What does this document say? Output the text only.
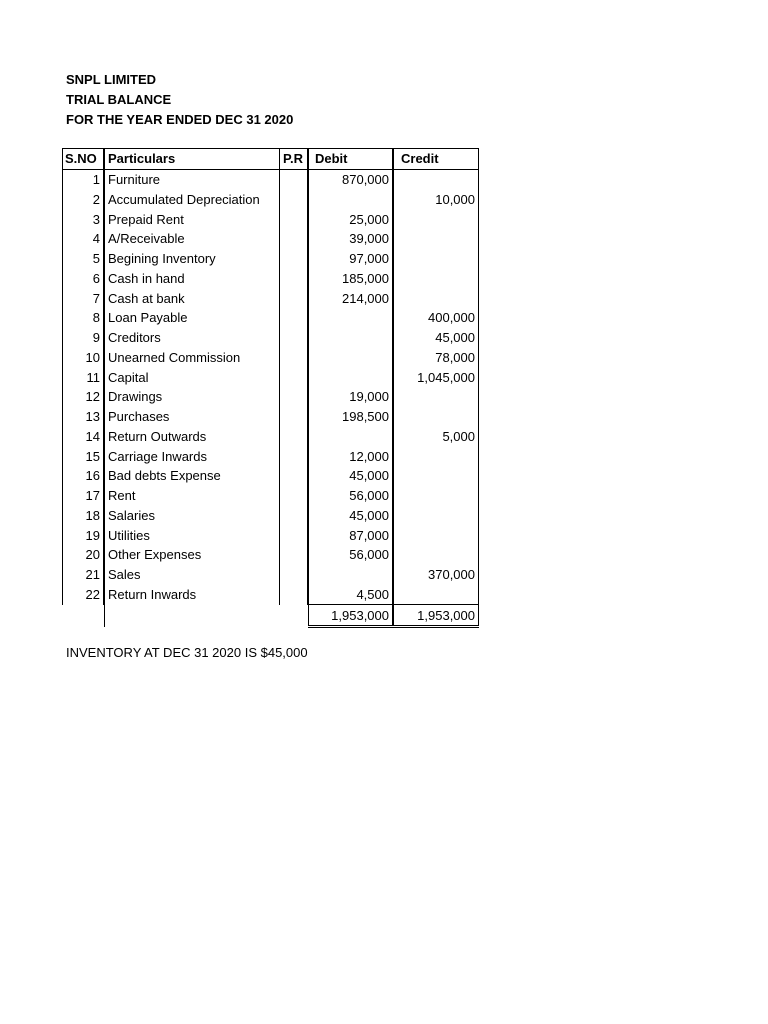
SNPL LIMITED
TRIAL BALANCE
FOR THE YEAR ENDED DEC 31 2020
S.NO	Particulars	P.R	Debit	Credit
1	Furniture		870,000	
2	Accumulated Depreciation			10,000
3	Prepaid Rent		25,000	
4	A/Receivable		39,000	
5	Begining Inventory		97,000	
6	Cash in hand		185,000	
7	Cash at bank		214,000	
8	Loan Payable			400,000
9	Creditors			45,000
10	Unearned Commission			78,000
11	Capital			1,045,000
12	Drawings		19,000	
13	Purchases		198,500	
14	Return Outwards			5,000
15	Carriage Inwards		12,000	
16	Bad debts Expense		45,000	
17	Rent		56,000	
18	Salaries		45,000	
19	Utilities		87,000	
20	Other Expenses		56,000	
21	Sales			370,000
22	Return Inwards		4,500	
			1,953,000	1,953,000
INVENTORY AT DEC 31 2020 IS $45,000
